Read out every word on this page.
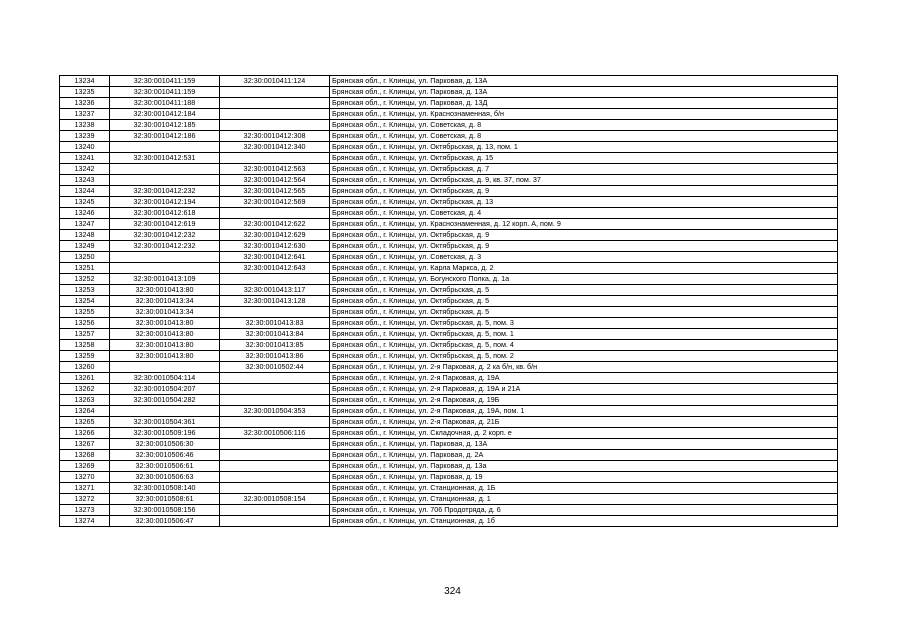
13234	32:30:0010411:159	32:30:0010411:124	Брянская обл., г. Клинцы, ул. Парковая, д. 13А
13235	32:30:0010411:159		Брянская обл., г. Клинцы, ул. Парковая, д. 13А
13236	32:30:0010411:188		Брянская обл., г. Клинцы, ул. Парковая, д. 13Д
13237	32:30:0010412:184		Брянская обл., г. Клинцы, ул. Краснознаменная, б/н
13238	32:30:0010412:185		Брянская обл., г. Клинцы, ул. Советская, д. 8
13239	32:30:0010412:186	32:30:0010412:308	Брянская обл., г. Клинцы, ул. Советская, д. 8
13240		32:30:0010412:340	Брянская обл., г. Клинцы, ул. Октябрьская, д. 13, пом. 1
13241	32:30:0010412:531		Брянская обл., г. Клинцы, ул. Октябрьская, д. 15
13242		32:30:0010412:563	Брянская обл., г. Клинцы, ул. Октябрьская, д. 7
13243		32:30:0010412:564	Брянская обл., г. Клинцы, ул. Октябрьская, д. 9, кв. 37, пом. 37
13244	32:30:0010412:232	32:30:0010412:565	Брянская обл., г. Клинцы, ул. Октябрьская, д. 9
13245	32:30:0010412:194	32:30:0010412:569	Брянская обл., г. Клинцы, ул. Октябрьская, д. 13
13246	32:30:0010412:618		Брянская обл., г. Клинцы, ул. Советская, д. 4
13247	32:30:0010412:619	32:30:0010412:622	Брянская обл., г. Клинцы, ул. Краснознаменная, д. 12 корп. А, пом. 9
13248	32:30:0010412:232	32:30:0010412:629	Брянская обл., г. Клинцы, ул. Октябрьская, д. 9
13249	32:30:0010412:232	32:30:0010412:630	Брянская обл., г. Клинцы, ул. Октябрьская, д. 9
13250		32:30:0010412:641	Брянская обл., г. Клинцы, ул. Советская, д. 3
13251		32:30:0010412:643	Брянская обл., г. Клинцы, ул. Карла Маркса, д. 2
13252	32:30:0010413:109		Брянская обл., г. Клинцы, ул. Богунского Полка, д. 1а
13253	32:30:0010413:80	32:30:0010413:117	Брянская обл., г. Клинцы, ул. Октябрьская, д. 5
13254	32:30:0010413:34	32:30:0010413:128	Брянская обл., г. Клинцы, ул. Октябрьская, д. 5
13255	32:30:0010413:34		Брянская обл., г. Клинцы, ул. Октябрьская, д. 5
13256	32:30:0010413:80	32:30:0010413:83	Брянская обл., г. Клинцы, ул. Октябрьская, д. 5, пом. 3
13257	32:30:0010413:80	32:30:0010413:84	Брянская обл., г. Клинцы, ул. Октябрьская, д. 5, пом. 1
13258	32:30:0010413:80	32:30:0010413:85	Брянская обл., г. Клинцы, ул. Октябрьская, д. 5, пом. 4
13259	32:30:0010413:80	32:30:0010413:86	Брянская обл., г. Клинцы, ул. Октябрьская, д. 5, пом. 2
13260		32:30:0010502:44	Брянская обл., г. Клинцы, ул. 2-я Парковая, д. 2 ка б/н, кв. б/н
13261	32:30:0010504:114		Брянская обл., г. Клинцы, ул. 2-я Парковая, д. 19А
13262	32:30:0010504:207		Брянская обл., г. Клинцы, ул. 2-я Парковая, д. 19А и 21А
13263	32:30:0010504:282		Брянская обл., г. Клинцы, ул. 2-я Парковая, д. 19Б
13264		32:30:0010504:353	Брянская обл., г. Клинцы, ул. 2-я Парковая, д. 19А, пом. 1
13265	32:30:0010504:361		Брянская обл., г. Клинцы, ул. 2-я Парковая, д. 21Б
13266	32:30:0010509:196	32:30:0010506:116	Брянская обл., г. Клинцы, ул. Складочная, д. 2 корп. е
13267	32:30:0010506:30		Брянская обл., г. Клинцы, ул. Парковая, д. 13А
13268	32:30:0010506:46		Брянская обл., г. Клинцы, ул. Парковая, д. 2А
13269	32:30:0010506:61		Брянская обл., г. Клинцы, ул. Парковая, д. 13а
13270	32:30:0010506:63		Брянская обл., г. Клинцы, ул. Парковая, д. 19
13271	32:30:0010508:140		Брянская обл., г. Клинцы, ул. Станционная, д. 1Б
13272	32:30:0010508:61	32:30:0010508:154	Брянская обл., г. Клинцы, ул. Станционная, д. 1
13273	32:30:0010508:156		Брянская обл., г. Клинцы, ул. 706 Продотряда, д. 6
13274	32:30:0010506:47		Брянская обл., г. Клинцы, ул. Станционная, д. 1б
324
